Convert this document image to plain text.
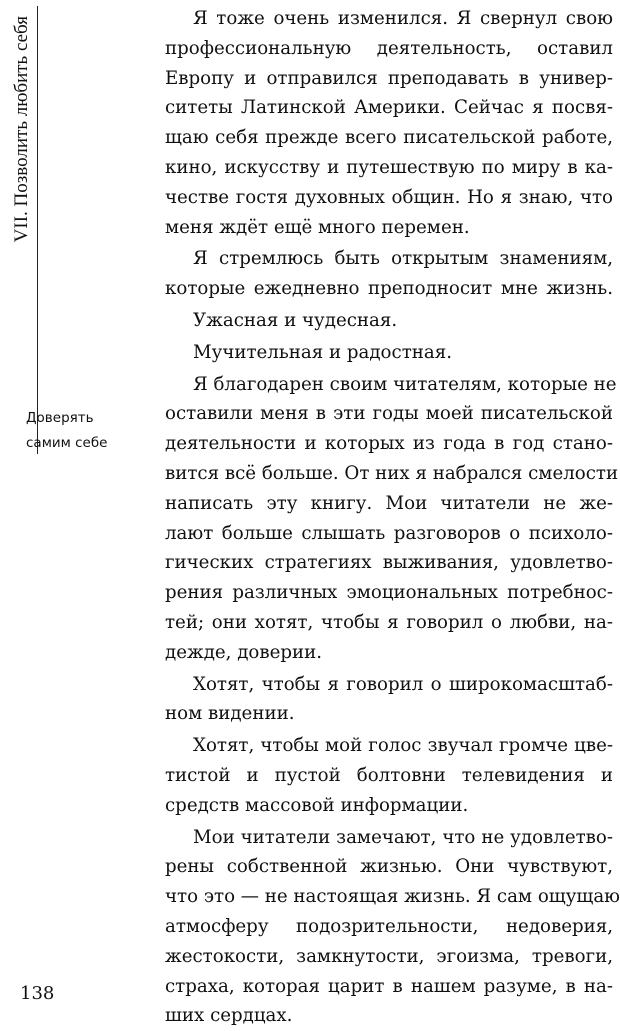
VII. Позволить любить себя
Доверять
самим себе
Я тоже очень изменился. Я свернул свою
профессиональную деятельность, оставил
Европу и отправился преподавать в универ-
ситеты Латинской Америки. Сейчас я посвя-
щаю себя прежде всего писательской работе,
кино, искусству и путешествую по миру в ка-
честве гостя духовных общин. Но я знаю, что
меня ждёт ещё много перемен.
Я стремлюсь быть открытым знамениям,
которые ежедневно преподносит мне жизнь.
Ужасная и чудесная.
Мучительная и радостная.
Я благодарен своим читателям, которые не
оставили меня в эти годы моей писательской
деятельности и которых из года в год стано-
вится всё больше. От них я набрался смелости
написать эту книгу. Мои читатели не же-
лают больше слышать разговоров о психоло-
гических стратегиях выживания, удовлетво-
рения различных эмоциональных потребнос-
тей; они хотят, чтобы я говорил о любви, на-
дежде, доверии.
Хотят, чтобы я говорил о широкомасштаб-
ном видении.
Хотят, чтобы мой голос звучал громче цве-
тистой и пустой болтовни телевидения и
средств массовой информации.
Мои читатели замечают, что не удовлетво-
рены собственной жизнью. Они чувствуют,
что это — не настоящая жизнь. Я сам ощущаю
атмосферу подозрительности, недоверия,
жестокости, замкнутости, эгоизма, тревоги,
страха, которая царит в нашем разуме, в на-
ших сердцах.
138
